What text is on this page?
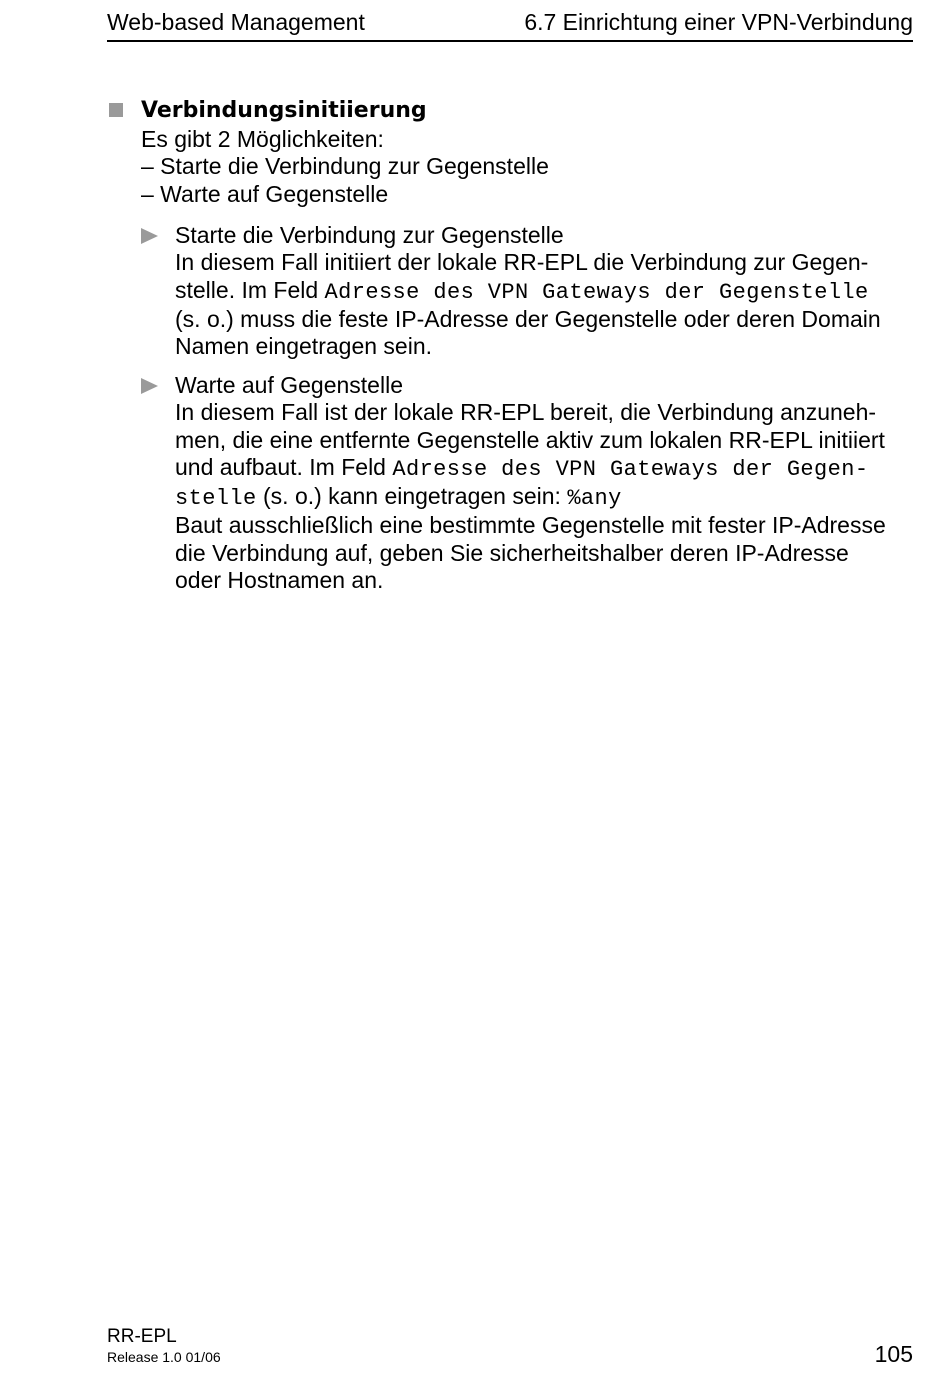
Web-based Management	6.7 Einrichtung einer VPN-Verbindung
Verbindungsinitiierung
Es gibt 2 Möglichkeiten:
– Starte die Verbindung zur Gegenstelle
– Warte auf Gegenstelle
Starte die Verbindung zur Gegenstelle
In diesem Fall initiiert der lokale RR-EPL die Verbindung zur Gegen-
stelle. Im Feld Adresse des VPN Gateways der Gegenstelle
(s. o.) muss die feste IP-Adresse der Gegenstelle oder deren Domain
Namen eingetragen sein.
Warte auf Gegenstelle
In diesem Fall ist der lokale RR-EPL bereit, die Verbindung anzuneh-
men, die eine entfernte Gegenstelle aktiv zum lokalen RR-EPL initiiert
und aufbaut. Im Feld Adresse des VPN Gateways der Gegen-
stelle (s. o.) kann eingetragen sein: %any
Baut ausschließlich eine bestimmte Gegenstelle mit fester IP-Adresse
die Verbindung auf, geben Sie sicherheitshalber deren IP-Adresse
oder Hostnamen an.
RR-EPL
Release 1.0 01/06	105
